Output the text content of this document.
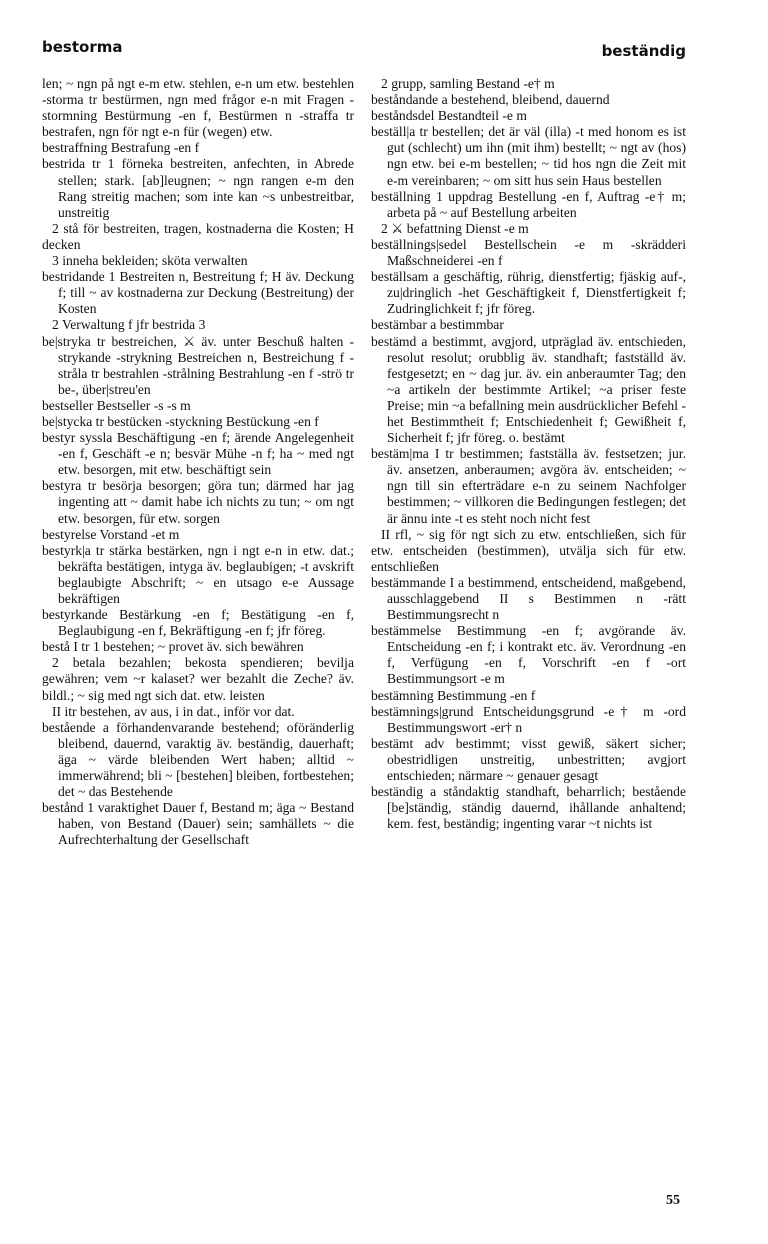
bestorma	beständig

len; ~ ngn på ngt e-m etw. stehlen, e-n um etw. bestehlen -storma tr bestürmen, ngn med frågor e-n mit Fragen -stormning Bestürmung -en f, Bestürmen n -straffa tr bestrafen, ngn för ngt e-n für (wegen) etw.

bestraffning Bestrafung -en f

bestrida tr 1 förneka bestreiten, anfechten, in Abrede stellen; stark. [ab]leugnen; ~ ngn rangen e-m den Rang streitig machen; som inte kan ~s unbestreitbar, unstreitig

2 stå för bestreiten, tragen, kostnaderna die Kosten; H decken

3 inneha bekleiden; sköta verwalten

bestridande 1 Bestreiten n, Bestreitung f; H äv. Deckung f; till ~ av kostnaderna zur Deckung (Bestreitung) der Kosten

2 Verwaltung f jfr bestrida 3

be|stryka tr bestreichen, ⚔ äv. unter Beschuß halten -strykande -strykning Bestreichen n, Bestreichung f -stråla tr bestrahlen -strålning Bestrahlung -en f -strö tr be-, über|streu'en

bestseller Bestseller -s -s m

be|stycka tr bestücken -styckning Bestückung -en f

bestyr syssla Beschäftigung -en f; ärende Angelegenheit -en f, Geschäft -e n; besvär Mühe -n f; ha ~ med ngt etw. besorgen, mit etw. beschäftigt sein

bestyra tr besörja besorgen; göra tun; därmed har jag ingenting att ~ damit habe ich nichts zu tun; ~ om ngt etw. besorgen, für etw. sorgen

bestyrelse Vorstand -et m

bestyrk|a tr stärka bestärken, ngn i ngt e-n in etw. dat.; bekräfta bestätigen, intyga äv. beglaubigen; -t avskrift beglaubigte Abschrift; ~ en utsago e-e Aussage bekräftigen

bestyrkande Bestärkung -en f; Bestätigung -en f, Beglaubigung -en f, Bekräftigung -en f; jfr föreg.

bestå I tr 1 bestehen; ~ provet äv. sich bewähren

2 betala bezahlen; bekosta spendieren; bevilja gewähren; vem ~r kalaset? wer bezahlt die Zeche? äv. bildl.; ~ sig med ngt sich dat. etw. leisten

II itr bestehen, av aus, i in dat., inför vor dat.

bestående a förhandenvarande bestehend; oföränderlig bleibend, dauernd, varaktig äv. beständig, dauerhaft; äga ~ värde bleibenden Wert haben; alltid ~ immerwährend; bli ~ [bestehen] bleiben, fortbestehen; det ~ das Bestehende

bestånd 1 varaktighet Dauer f, Bestand m; äga ~ Bestand haben, von Bestand (Dauer) sein; samhällets ~ die Aufrechterhaltung der Gesellschaft

2 grupp, samling Bestand -e† m

beståndande a bestehend, bleibend, dauernd

beståndsdel Bestandteil -e m

beställ|a tr bestellen; det är väl (illa) -t med honom es ist gut (schlecht) um ihn (mit ihm) bestellt; ~ ngt av (hos) ngn etw. bei e-m bestellen; ~ tid hos ngn die Zeit mit e-m vereinbaren; ~ om sitt hus sein Haus bestellen

beställning 1 uppdrag Bestellung -en f, Auftrag -e† m; arbeta på ~ auf Bestellung arbeiten

2 ⚔ befattning Dienst -e m

beställnings|sedel Bestellschein -e m -skrädderi Maßschneiderei -en f

beställsam a geschäftig, rührig, dienstfertig; fjäskig auf-, zu|dringlich -het Geschäftigkeit f, Dienstfertigkeit f; Zudringlichkeit f; jfr föreg.

bestämbar a bestimmbar

bestämd a bestimmt, avgjord, utpräglad äv. entschieden, resolut resolut; orubblig äv. standhaft; fastställd äv. festgesetzt; en ~ dag jur. äv. ein anberaumter Tag; den ~a artikeln der bestimmte Artikel; ~a priser feste Preise; min ~a befallning mein ausdrücklicher Befehl -het Bestimmtheit f; Entschiedenheit f; Gewißheit f, Sicherheit f; jfr föreg. o. bestämt

bestäm|ma I tr bestimmen; fastställa äv. festsetzen; jur. äv. ansetzen, anberaumen; avgöra äv. entscheiden; ~ ngn till sin efterträdare e-n zu seinem Nachfolger bestimmen; ~ villkoren die Bedingungen festlegen; det är ännu inte -t es steht noch nicht fest

II rfl, ~ sig för ngt sich zu etw. entschließen, sich für etw. entscheiden (bestimmen), utvälja sich für etw. entschließen

bestämmande I a bestimmend, entscheidend, maßgebend, ausschlaggebend II s Bestimmen n -rätt Bestimmungsrecht n

bestämmelse Bestimmung -en f; avgörande äv. Entscheidung -en f; i kontrakt etc. äv. Verordnung -en f, Verfügung -en f, Vorschrift -en f -ort Bestimmungsort -e m

bestämning Bestimmung -en f

bestämnings|grund Entscheidungsgrund -e† m -ord Bestimmungswort -er† n

bestämt adv bestimmt; visst gewiß, säkert sicher; obestridligen unstreitig, unbestritten; avgjort entschieden; närmare ~ genauer gesagt

beständig a ståndaktig standhaft, beharrlich; bestående [be]ständig, ständig dauernd, ihållande anhaltend; kem. fest, beständig; ingenting varar ~t nichts ist

55
